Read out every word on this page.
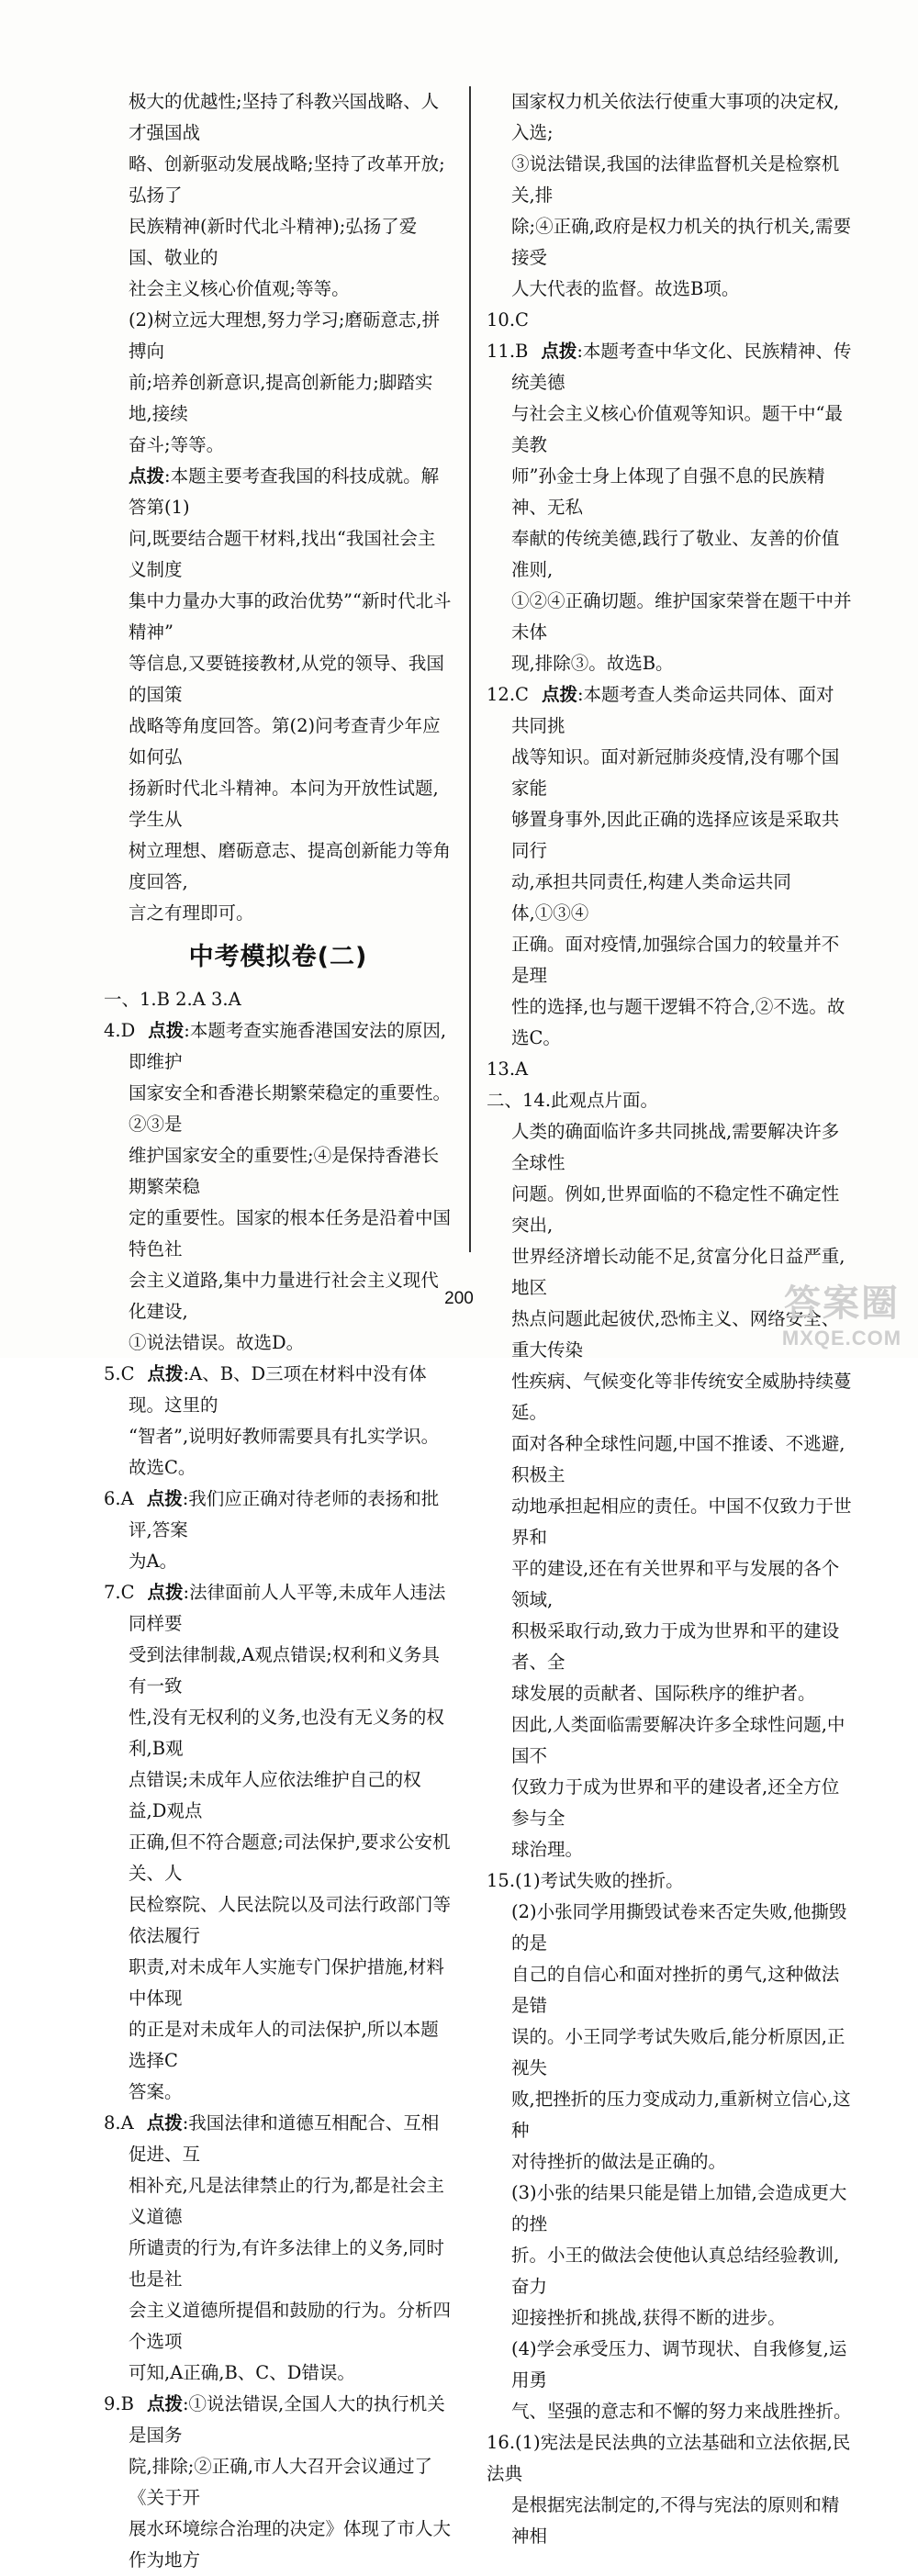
极大的优越性;坚持了科教兴国战略、人才强国战

略、创新驱动发展战略;坚持了改革开放;弘扬了

民族精神(新时代北斗精神);弘扬了爱国、敬业的

社会主义核心价值观;等等。

(2)树立远大理想,努力学习;磨砺意志,拼搏向

前;培养创新意识,提高创新能力;脚踏实地,接续

奋斗;等等。

点拨:本题主要考查我国的科技成就。解答第(1)

问,既要结合题干材料,找出“我国社会主义制度

集中力量办大事的政治优势”“新时代北斗精神”

等信息,又要链接教材,从党的领导、我国的国策

战略等角度回答。第(2)问考查青少年应如何弘

扬新时代北斗精神。本问为开放性试题,学生从

树立理想、磨砺意志、提高创新能力等角度回答,

言之有理即可。

中考模拟卷(二)

一、1.B 2.A 3.A

4.D 点拨:本题考查实施香港国安法的原因,即维护

国家安全和香港长期繁荣稳定的重要性。②③是

维护国家安全的重要性;④是保持香港长期繁荣稳

定的重要性。国家的根本任务是沿着中国特色社

会主义道路,集中力量进行社会主义现代化建设,

①说法错误。故选D。

5.C 点拨:A、B、D三项在材料中没有体现。这里的

“智者”,说明好教师需要具有扎实学识。故选C。

6.A 点拨:我们应正确对待老师的表扬和批评,答案

为A。

7.C 点拨:法律面前人人平等,未成年人违法同样要

受到法律制裁,A观点错误;权利和义务具有一致

性,没有无权利的义务,也没有无义务的权利,B观

点错误;未成年人应依法维护自己的权益,D观点

正确,但不符合题意;司法保护,要求公安机关、人

民检察院、人民法院以及司法行政部门等依法履行

职责,对未成年人实施专门保护措施,材料中体现

的正是对未成年人的司法保护,所以本题选择C

答案。

8.A 点拨:我国法律和道德互相配合、互相促进、互

相补充,凡是法律禁止的行为,都是社会主义道德

所谴责的行为,有许多法律上的义务,同时也是社

会主义道德所提倡和鼓励的行为。分析四个选项

可知,A正确,B、C、D错误。

9.B 点拨:①说法错误,全国人大的执行机关是国务

院,排除;②正确,市人大召开会议通过了《关于开

展水环境综合治理的决定》体现了市人大作为地方

国家权力机关依法行使重大事项的决定权,入选;

③说法错误,我国的法律监督机关是检察机关,排

除;④正确,政府是权力机关的执行机关,需要接受

人大代表的监督。故选B项。

10.C

11.B 点拨:本题考查中华文化、民族精神、传统美德

与社会主义核心价值观等知识。题干中“最美教

师”孙金士身上体现了自强不息的民族精神、无私

奉献的传统美德,践行了敬业、友善的价值准则,

①②④正确切题。维护国家荣誉在题干中并未体

现,排除③。故选B。

12.C 点拨:本题考查人类命运共同体、面对共同挑

战等知识。面对新冠肺炎疫情,没有哪个国家能

够置身事外,因此正确的选择应该是采取共同行

动,承担共同责任,构建人类命运共同体,①③④

正确。面对疫情,加强综合国力的较量并不是理

性的选择,也与题干逻辑不符合,②不选。故选C。

13.A

二、14.此观点片面。

人类的确面临许多共同挑战,需要解决许多全球性

问题。例如,世界面临的不稳定性不确定性突出,

世界经济增长动能不足,贫富分化日益严重,地区

热点问题此起彼伏,恐怖主义、网络安全、重大传染

性疾病、气候变化等非传统安全威胁持续蔓延。

面对各种全球性问题,中国不推诿、不逃避,积极主

动地承担起相应的责任。中国不仅致力于世界和

平的建设,还在有关世界和平与发展的各个领域,

积极采取行动,致力于成为世界和平的建设者、全

球发展的贡献者、国际秩序的维护者。

因此,人类面临需要解决许多全球性问题,中国不

仅致力于成为世界和平的建设者,还全方位参与全

球治理。

15.(1)考试失败的挫折。

(2)小张同学用撕毁试卷来否定失败,他撕毁的是

自己的自信心和面对挫折的勇气,这种做法是错

误的。小王同学考试失败后,能分析原因,正视失

败,把挫折的压力变成动力,重新树立信心,这种

对待挫折的做法是正确的。

(3)小张的结果只能是错上加错,会造成更大的挫

折。小王的做法会使他认真总结经验教训,奋力

迎接挫折和挑战,获得不断的进步。

(4)学会承受压力、调节现状、自我修复,运用勇

气、坚强的意志和不懈的努力来战胜挫折。

16.(1)宪法是民法典的立法基础和立法依据,民法典

是根据宪法制定的,不得与宪法的原则和精神相

200	答案圈
MXQE.COM
